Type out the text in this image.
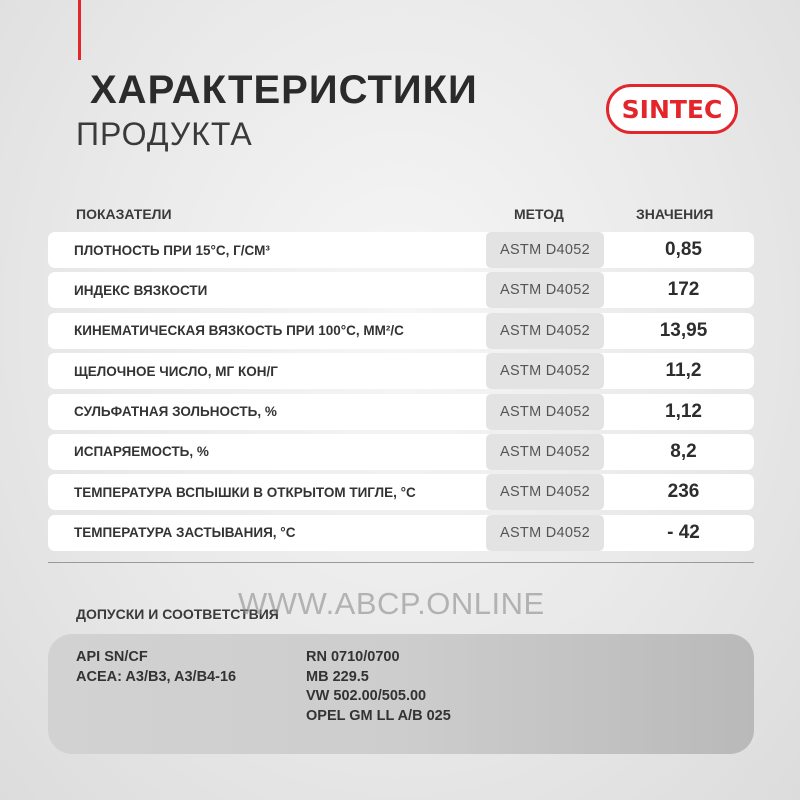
ХАРАКТЕРИСТИКИ
ПРОДУКТА
SINTEC
ПОКАЗАТЕЛИ	МЕТОД	ЗНАЧЕНИЯ
ПЛОТНОСТЬ ПРИ 15°С, Г/СМ³	ASTM D4052	0,85
ИНДЕКС ВЯЗКОСТИ	ASTM D4052	172
КИНЕМАТИЧЕСКАЯ ВЯЗКОСТЬ ПРИ 100°С, ММ²/С	ASTM D4052	13,95
ЩЕЛОЧНОЕ ЧИСЛО, МГ КОН/Г	ASTM D4052	11,2
СУЛЬФАТНАЯ ЗОЛЬНОСТЬ, %	ASTM D4052	1,12
ИСПАРЯЕМОСТЬ, %	ASTM D4052	8,2
ТЕМПЕРАТУРА ВСПЫШКИ В ОТКРЫТОМ ТИГЛЕ, °С	ASTM D4052	236
ТЕМПЕРАТУРА ЗАСТЫВАНИЯ, °С	ASTM D4052	- 42
ДОПУСКИ И СООТВЕТСТВИЯ
WWW.ABCP.ONLINE
API SN/CF
ACEA: A3/B3, A3/B4-16
RN 0710/0700
MB 229.5
VW 502.00/505.00
OPEL GM LL A/B 025
